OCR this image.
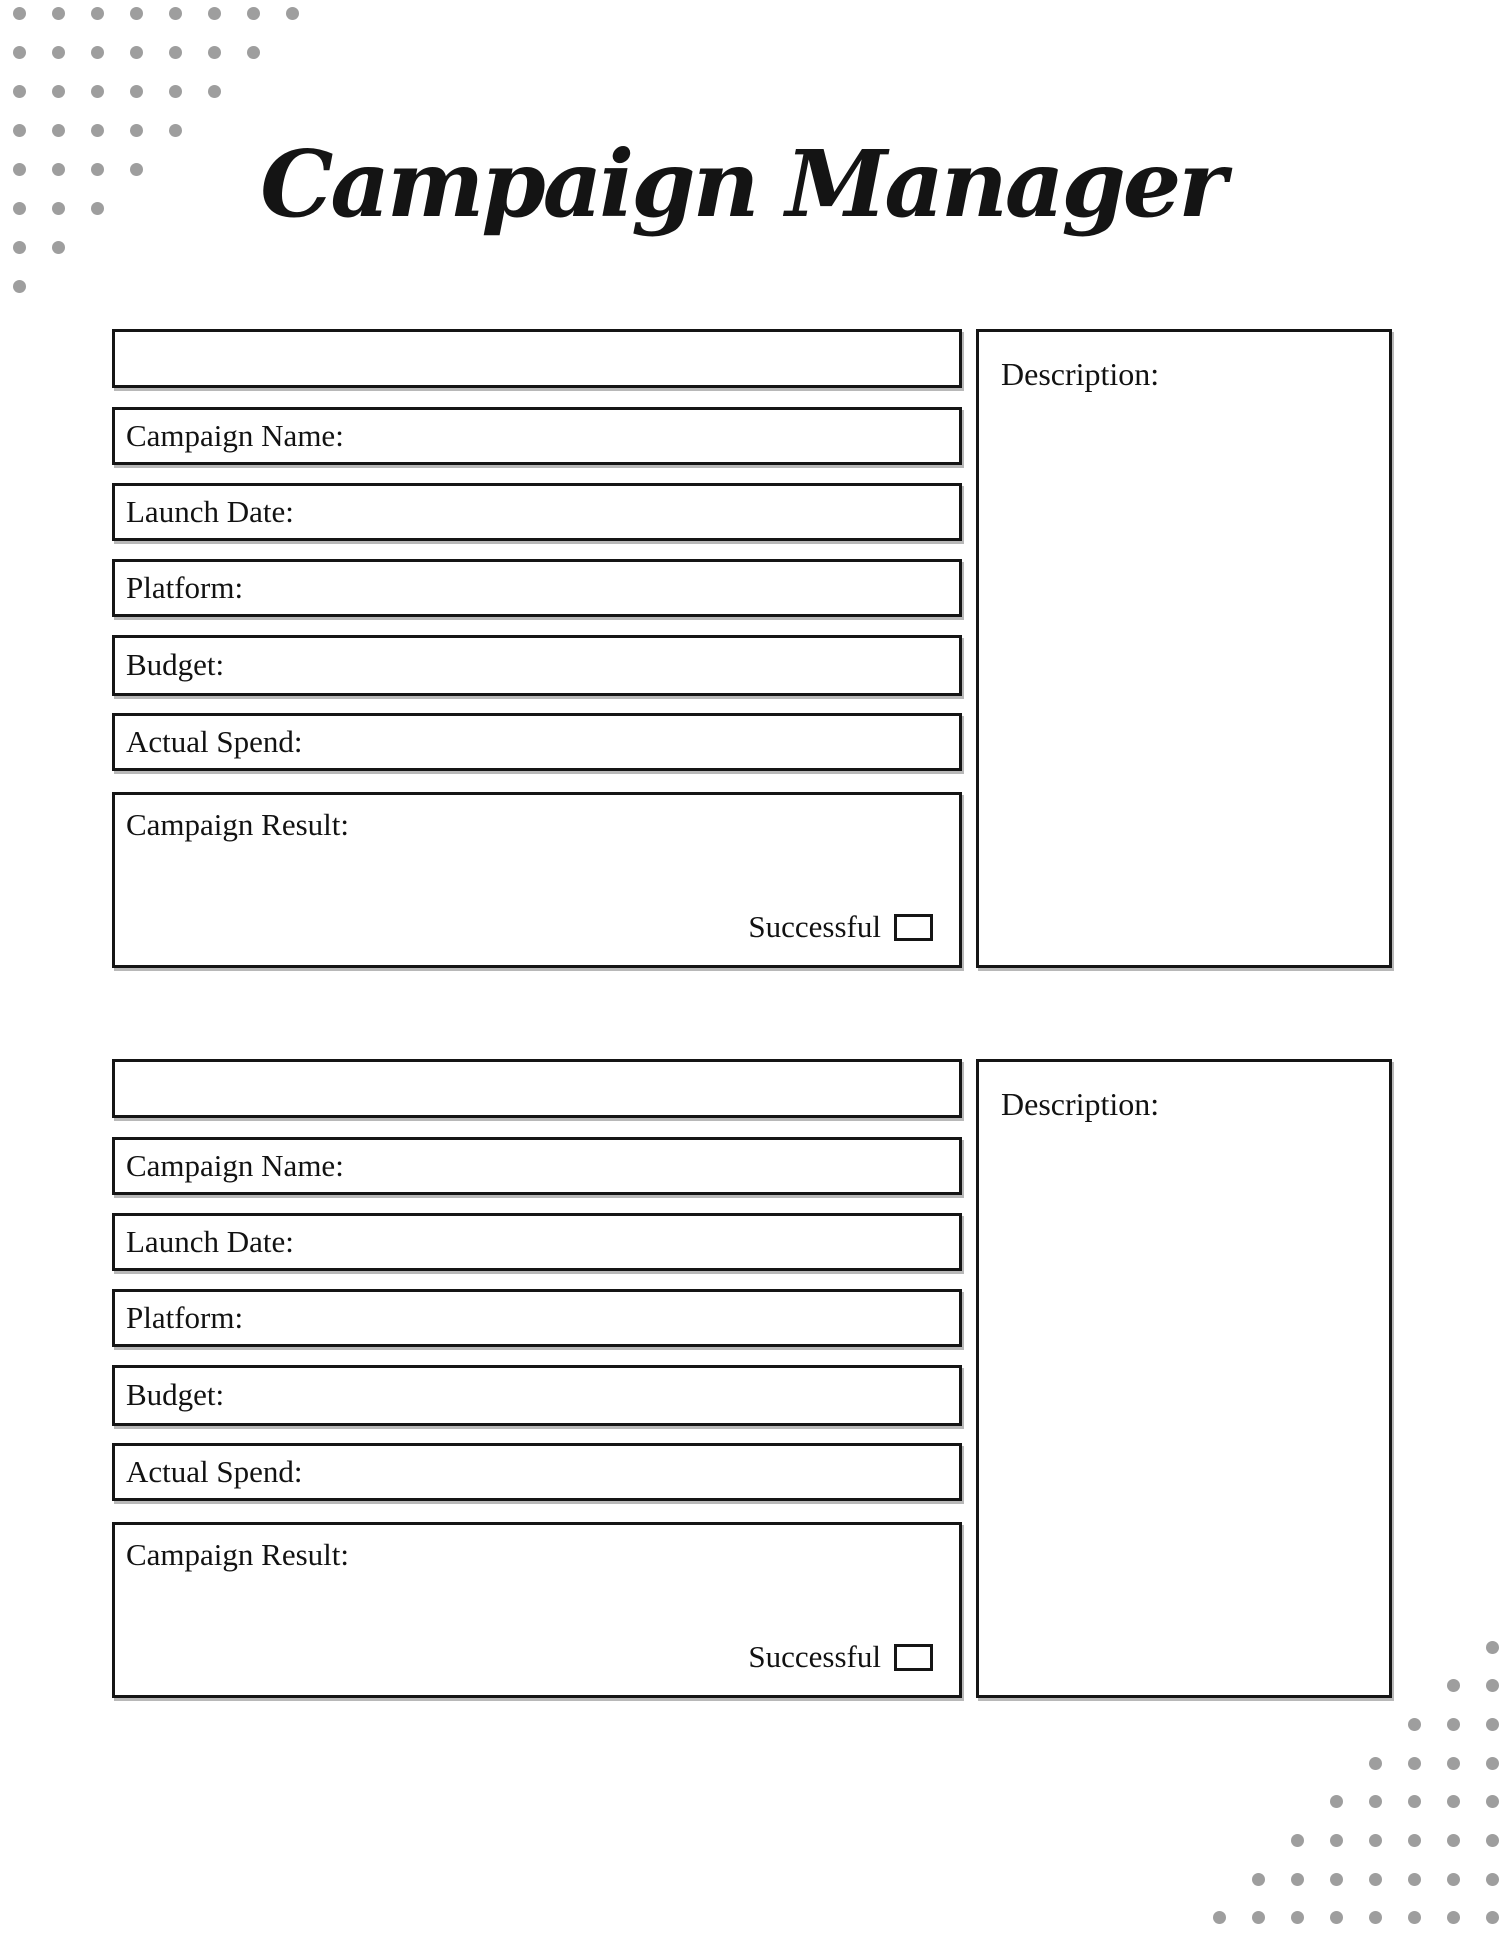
Campaign Manager
Campaign Name:
Launch Date:
Platform:
Budget:
Actual Spend:
Campaign Result:
Successful
Description:
Campaign Name:
Launch Date:
Platform:
Budget:
Actual Spend:
Campaign Result:
Successful
Description:
